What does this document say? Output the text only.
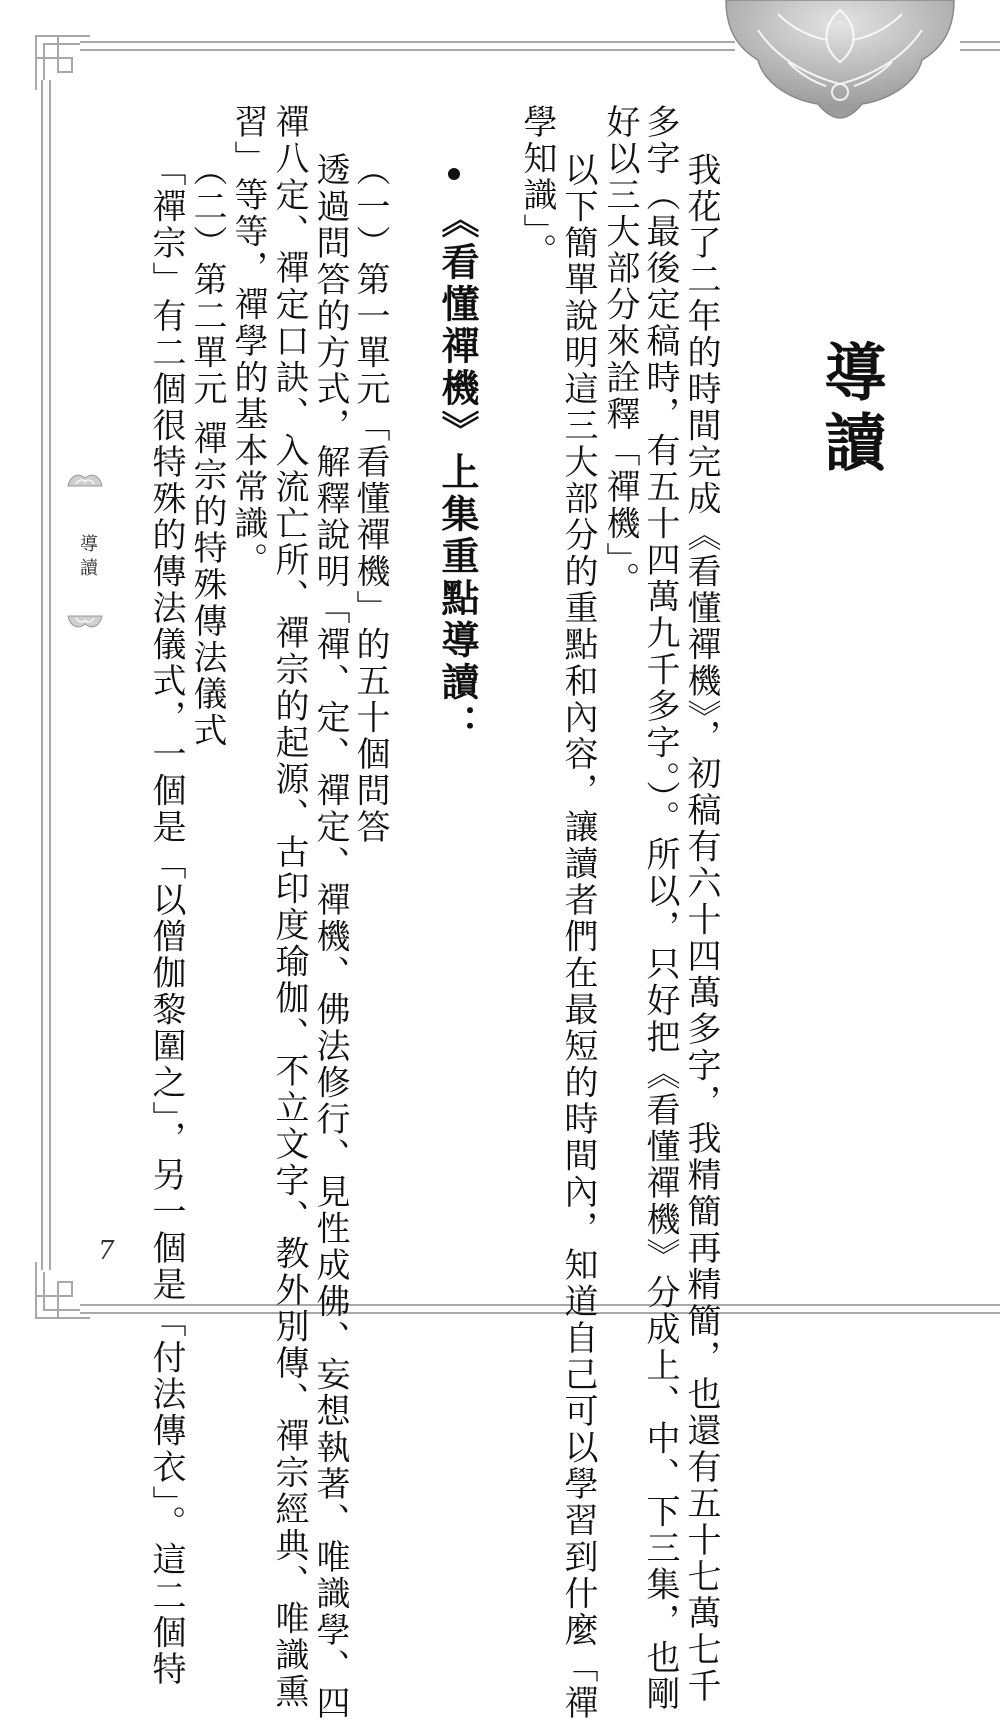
導讀
7
導讀
我花了二年的時間完成《看懂禪機》，初稿有六十四萬多字，我精簡再精簡，也還有五十七萬七千
多字（最後定稿時，有五十四萬九千多字。）。所以，只好把《看懂禪機》分成上、中、下三集，也剛
好以三大部分來詮釋「禪機」。
以下簡單說明這三大部分的重點和內容，讓讀者們在最短的時間內，知道自己可以學習到什麼「禪
學知識」。
《看懂禪機》上集重點導讀：
（一）第一單元「看懂禪機」的五十個問答
透過問答的方式，解釋說明「禪、定、禪定、禪機、佛法修行、見性成佛、妄想執著、唯識學、四
禪八定、禪定口訣、入流亡所、禪宗的起源、古印度瑜伽、不立文字、教外別傳、禪宗經典、唯識熏
習」等等，禪學的基本常識。
（二）第二單元 禪宗的特殊傳法儀式
「禪宗」有二個很特殊的傳法儀式，一個是「以僧伽黎圍之」，另一個是「付法傳衣」。這二個特
